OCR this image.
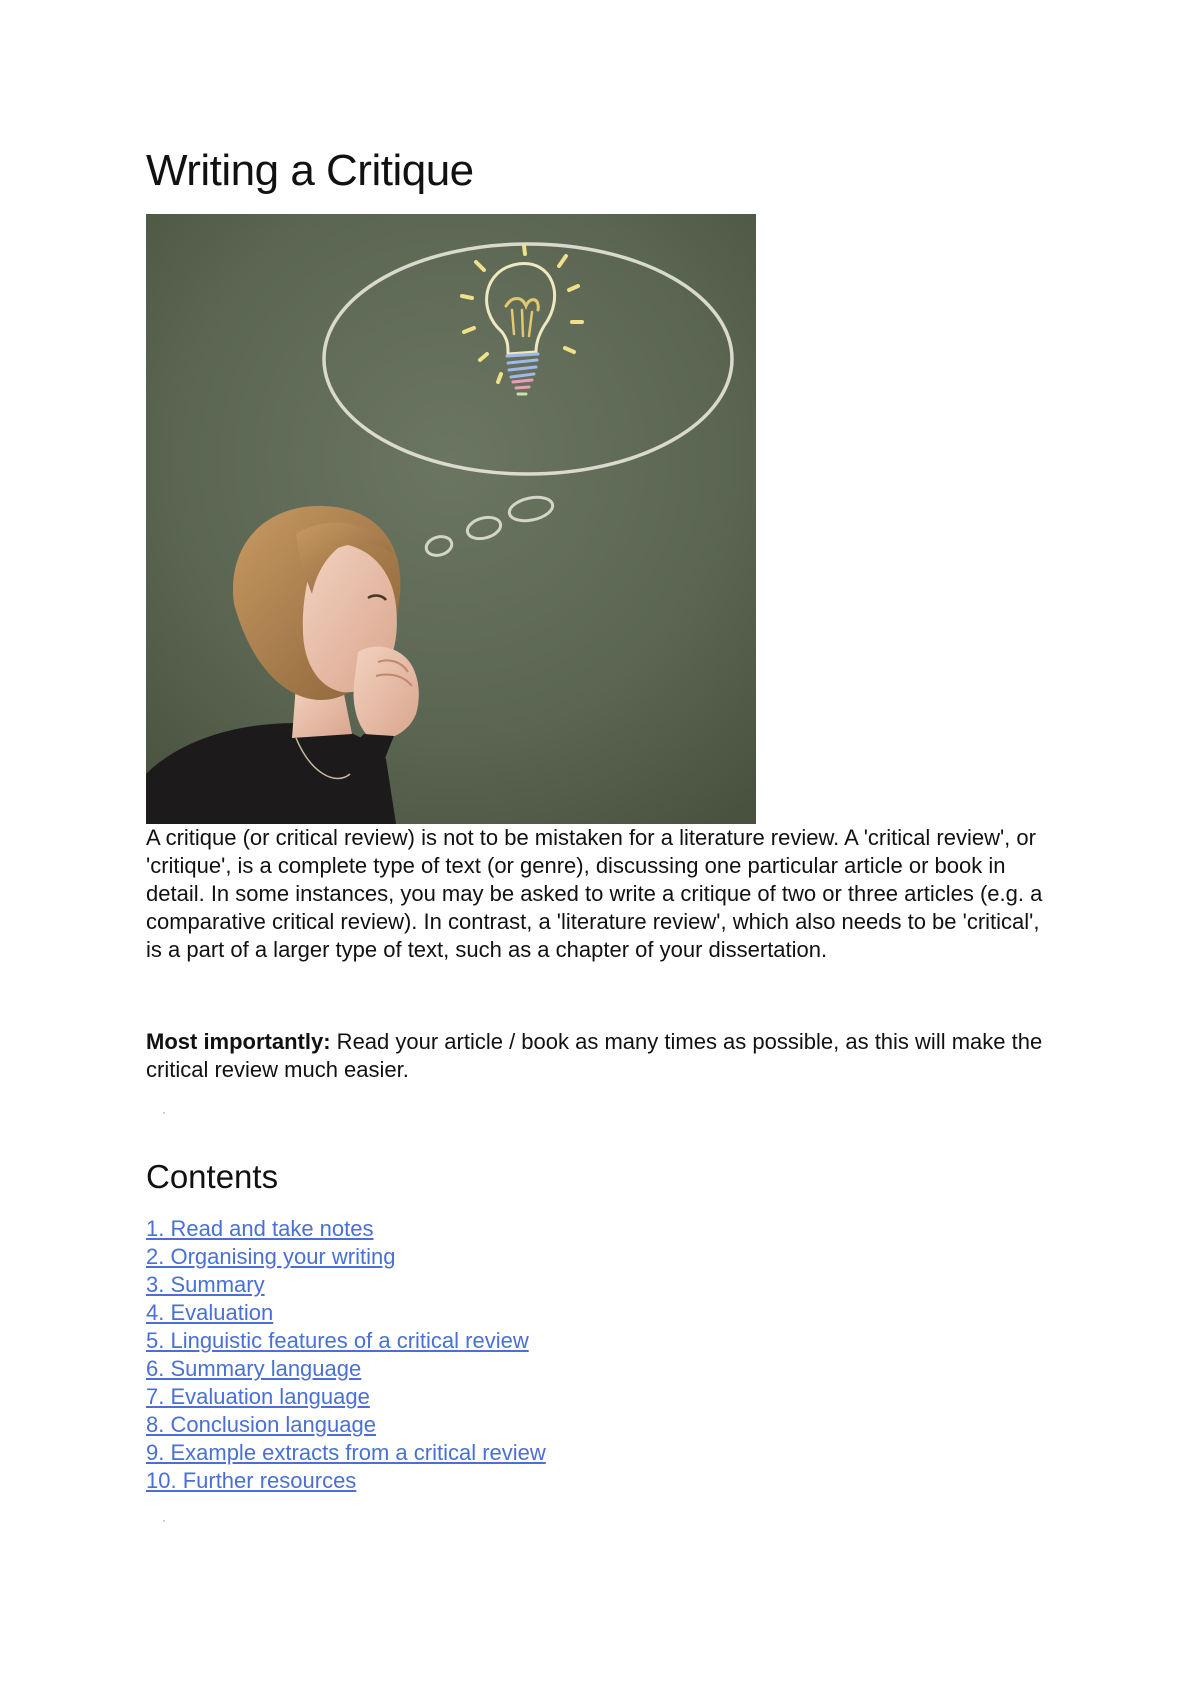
Writing a Critique

A critique (or critical review) is not to be mistaken for a literature review. A 'critical review', or 'critique', is a complete type of text (or genre), discussing one particular article or book in detail. In some instances, you may be asked to write a critique of two or three articles (e.g. a comparative critical review). In contrast, a 'literature review', which also needs to be 'critical', is a part of a larger type of text, such as a chapter of your dissertation.

Most importantly: Read your article / book as many times as possible, as this will make the critical review much easier.

·
Contents
1. Read and take notes
2. Organising your writing
3. Summary
4. Evaluation
5. Linguistic features of a critical review
6. Summary language
7. Evaluation language
8. Conclusion language
9. Example extracts from a critical review
10. Further resources
·
